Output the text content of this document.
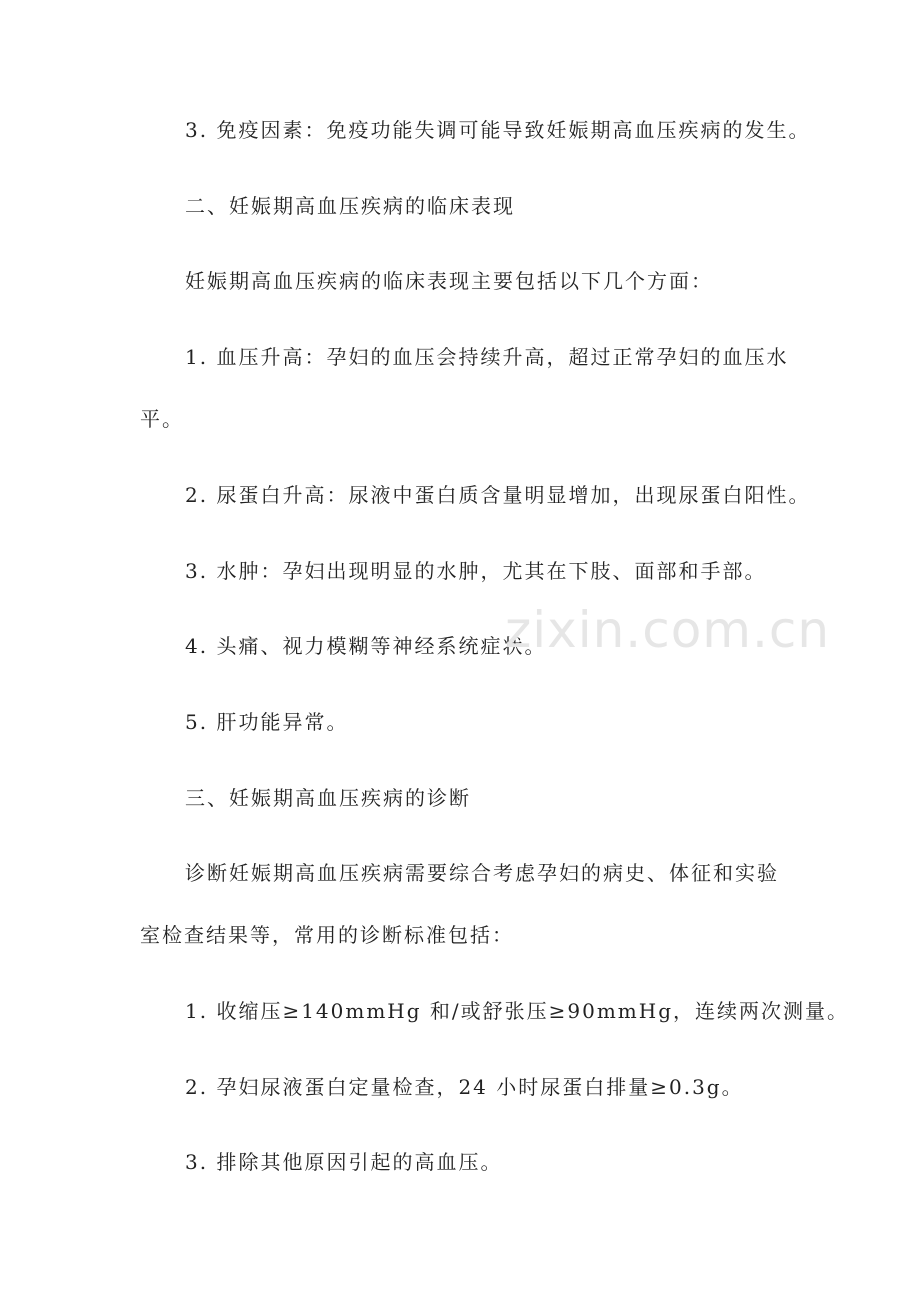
3. 免疫因素：免疫功能失调可能导致妊娠期高血压疾病的发生。
二、妊娠期高血压疾病的临床表现
妊娠期高血压疾病的临床表现主要包括以下几个方面：
1. 血压升高：孕妇的血压会持续升高，超过正常孕妇的血压水
平。
2. 尿蛋白升高：尿液中蛋白质含量明显增加，出现尿蛋白阳性。
3. 水肿：孕妇出现明显的水肿，尤其在下肢、面部和手部。
4. 头痛、视力模糊等神经系统症状。
5. 肝功能异常。
三、妊娠期高血压疾病的诊断
诊断妊娠期高血压疾病需要综合考虑孕妇的病史、体征和实验
室检查结果等，常用的诊断标准包括：
1. 收缩压≥140mmHg 和/或舒张压≥90mmHg，连续两次测量。
2. 孕妇尿液蛋白定量检查，24 小时尿蛋白排量≥0.3g。
3. 排除其他原因引起的高血压。
zixin.com.cn
